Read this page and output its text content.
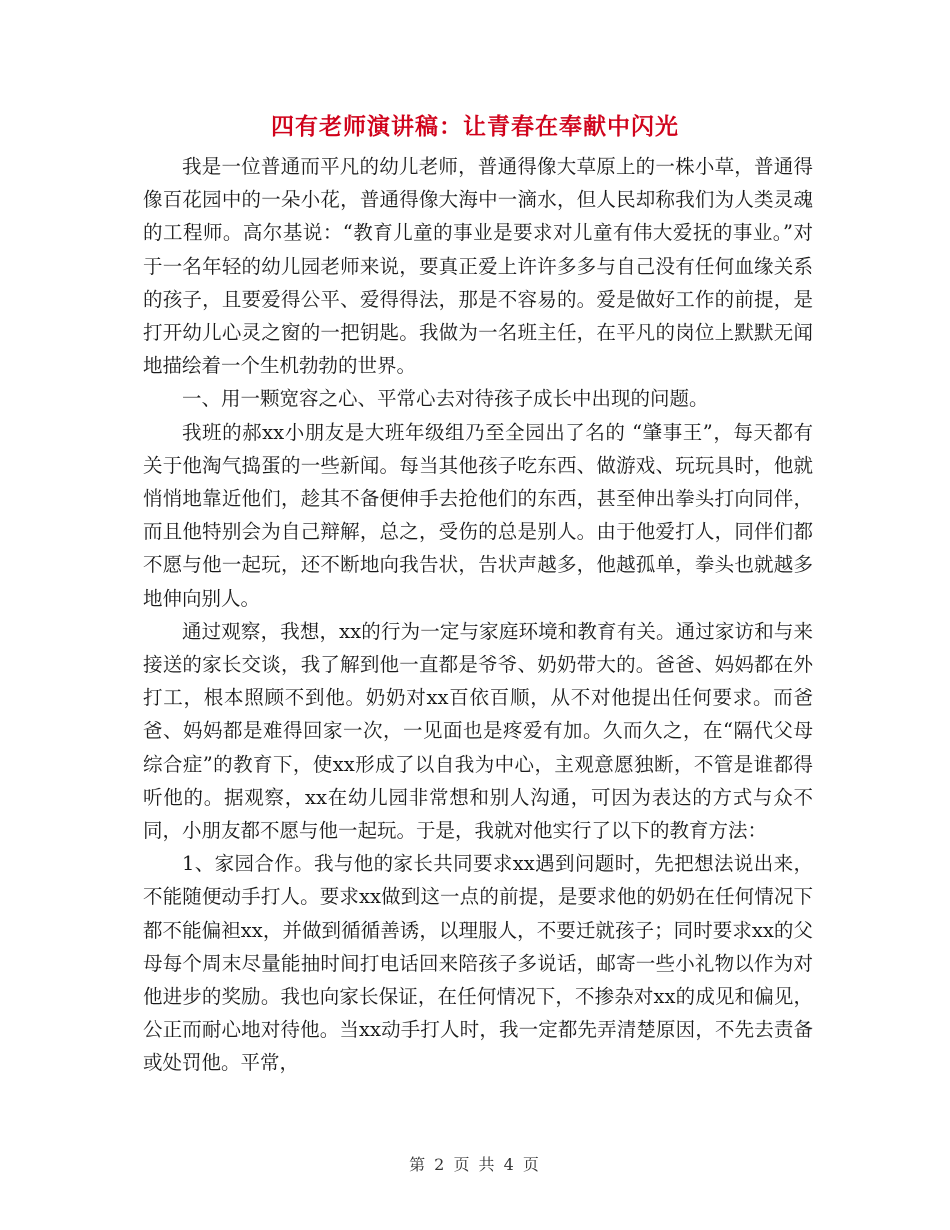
四有老师演讲稿：让青春在奉献中闪光

我是一位普通而平凡的幼儿老师，普通得像大草原上的一株小草，普通得像百花园中的一朵小花，普通得像大海中一滴水，但人民却称我们为人类灵魂的工程师。高尔基说：“教育儿童的事业是要求对儿童有伟大爱抚的事业。”对于一名年轻的幼儿园老师来说，要真正爱上许许多多与自己没有任何血缘关系的孩子，且要爱得公平、爱得得法，那是不容易的。爱是做好工作的前提，是打开幼儿心灵之窗的一把钥匙。我做为一名班主任，在平凡的岗位上默默无闻地描绘着一个生机勃勃的世界。

一、用一颗宽容之心、平常心去对待孩子成长中出现的问题。

我班的郝xx小朋友是大班年级组乃至全园出了名的 “肇事王”，每天都有关于他淘气捣蛋的一些新闻。每当其他孩子吃东西、做游戏、玩玩具时，他就悄悄地靠近他们，趁其不备便伸手去抢他们的东西，甚至伸出拳头打向同伴，而且他特别会为自己辩解，总之，受伤的总是别人。由于他爱打人，同伴们都不愿与他一起玩，还不断地向我告状，告状声越多，他越孤单，拳头也就越多地伸向别人。

通过观察，我想，xx的行为一定与家庭环境和教育有关。通过家访和与来接送的家长交谈，我了解到他一直都是爷爷、奶奶带大的。爸爸、妈妈都在外打工，根本照顾不到他。奶奶对xx百依百顺，从不对他提出任何要求。而爸爸、妈妈都是难得回家一次，一见面也是疼爱有加。久而久之，在“隔代父母综合症”的教育下，使xx形成了以自我为中心，主观意愿独断，不管是谁都得听他的。据观察，xx在幼儿园非常想和别人沟通，可因为表达的方式与众不同，小朋友都不愿与他一起玩。于是，我就对他实行了以下的教育方法：

1、家园合作。我与他的家长共同要求xx遇到问题时，先把想法说出来，不能随便动手打人。要求xx做到这一点的前提，是要求他的奶奶在任何情况下都不能偏袒xx，并做到循循善诱，以理服人，不要迁就孩子；同时要求xx的父母每个周末尽量能抽时间打电话回来陪孩子多说话，邮寄一些小礼物以作为对他进步的奖励。我也向家长保证，在任何情况下，不掺杂对xx的成见和偏见，公正而耐心地对待他。当xx动手打人时，我一定都先弄清楚原因，不先去责备或处罚他。平常，

第 2 页 共 4 页
